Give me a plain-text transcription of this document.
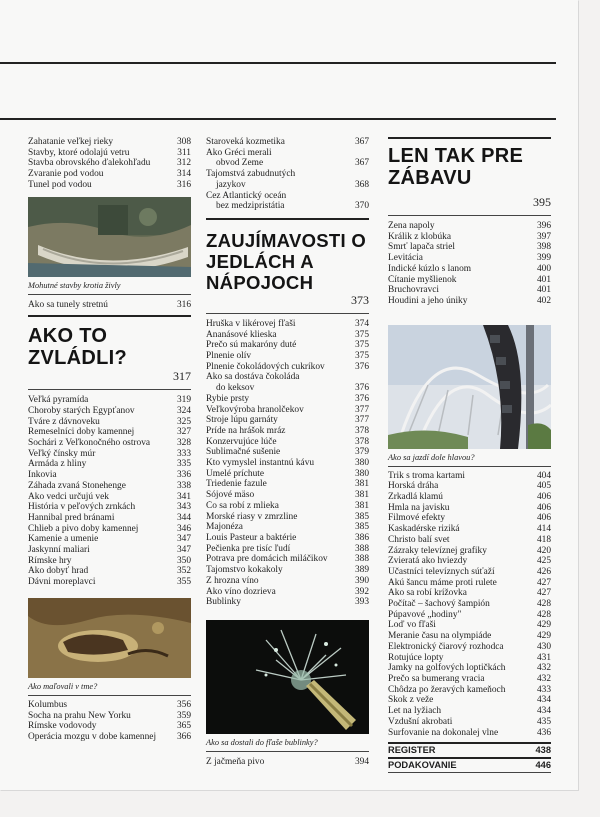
Zahatanie veľkej rieky	308
Stavby, ktoré odolajú vetru	311
Stavba obrovského ďalekohľadu	312
Zvaranie pod vodou	314
Tunel pod vodou	316
Mohutné stavby krotia živly
Ako sa tunely stretnú	316
AKO TO ZVLÁDLI?
317
Veľká pyramída	319
Choroby starých Egypťanov	324
Tváre z dávnoveku	325
Remeselníci doby kamennej	327
Sochári z Veľkonočného ostrova	328
Veľký čínsky múr	333
Armáda z hliny	335
Inkovia	336
Záhada zvaná Stonehenge	338
Ako vedci určujú vek	341
História v peľových zrnkách	343
Hannibal pred bránami	344
Chlieb a pivo doby kamennej	346
Kamenie a umenie	347
Jaskynní maliari	347
Rímske hry	350
Ako dobyť hrad	352
Dávni moreplavci	355
Ako maľovali v tme?
Kolumbus	356
Socha na prahu New Yorku	359
Rímske vodovody	365
Operácia mozgu v dobe kamennej	366
Staroveká kozmetika	367
Ako Gréci merali
obvod Zeme	367
Tajomstvá zabudnutých
jazykov	368
Cez Atlantický oceán
bez medzipristátia	370
ZAUJÍMAVOSTI O JEDLÁCH A NÁPOJOCH
373
Hruška v likérovej fľaši	374
Ananásové klieska	375
Prečo sú makaróny duté	375
Plnenie olív	375
Plnenie čokoládových cukríkov	376
Ako sa dostáva čokoláda
do keksov	376
Rybie prsty	376
Veľkovýroba hranolčekov	377
Stroje lúpu garnáty	377
Príde na hrášok mráz	378
Konzervujúce lúče	378
Sublimačné sušenie	379
Kto vymyslel instantnú kávu	380
Umelé príchute	380
Triedenie fazule	381
Sójové mäso	381
Čo sa robí z mlieka	381
Morské riasy v zmrzline	385
Majonéza	385
Louis Pasteur a baktérie	386
Pečienka pre tisíc ľudí	388
Potrava pre domácich miláčikov	388
Tajomstvo kokakoly	389
Z hrozna víno	390
Ako víno dozrieva	392
Bublinky	393
Ako sa dostali do fľaše bublinky?
Z jačmeňa pivo	394
LEN TAK PRE ZÁBAVU
395
Žena napoly	396
Králik z klobúka	397
Smrť lapača striel	398
Levitácia	399
Indické kúzlo s lanom	400
Čítanie myšlienok	401
Bruchovravci	401
Houdini a jeho úniky	402
Ako sa jazdí dole hlavou?
Trik s troma kartami	404
Horská dráha	405
Zrkadlá klamú	406
Hmla na javisku	406
Filmové efekty	406
Kaskadérske riziká	414
Christo balí svet	418
Zázraky televíznej grafiky	420
Zvieratá ako hviezdy	425
Účastníci televíznych súťaží	426
Akú šancu máme proti rulete	427
Ako sa robí krížovka	427
Počítač – šachový šampión	428
Púpavové „hodiny"	428
Loď vo fľaši	429
Meranie času na olympiáde	429
Elektronický čiarový rozhodca	430
Rotujúce lopty	431
Jamky na golfových loptičkách	432
Prečo sa bumerang vracia	432
Chôdza po žeravých kameňoch	433
Skok z veže	434
Let na lyžiach	434
Vzdušní akrobati	435
Surfovanie na dokonalej vlne	436
REGISTER	438
PODAKOVANIE	446
